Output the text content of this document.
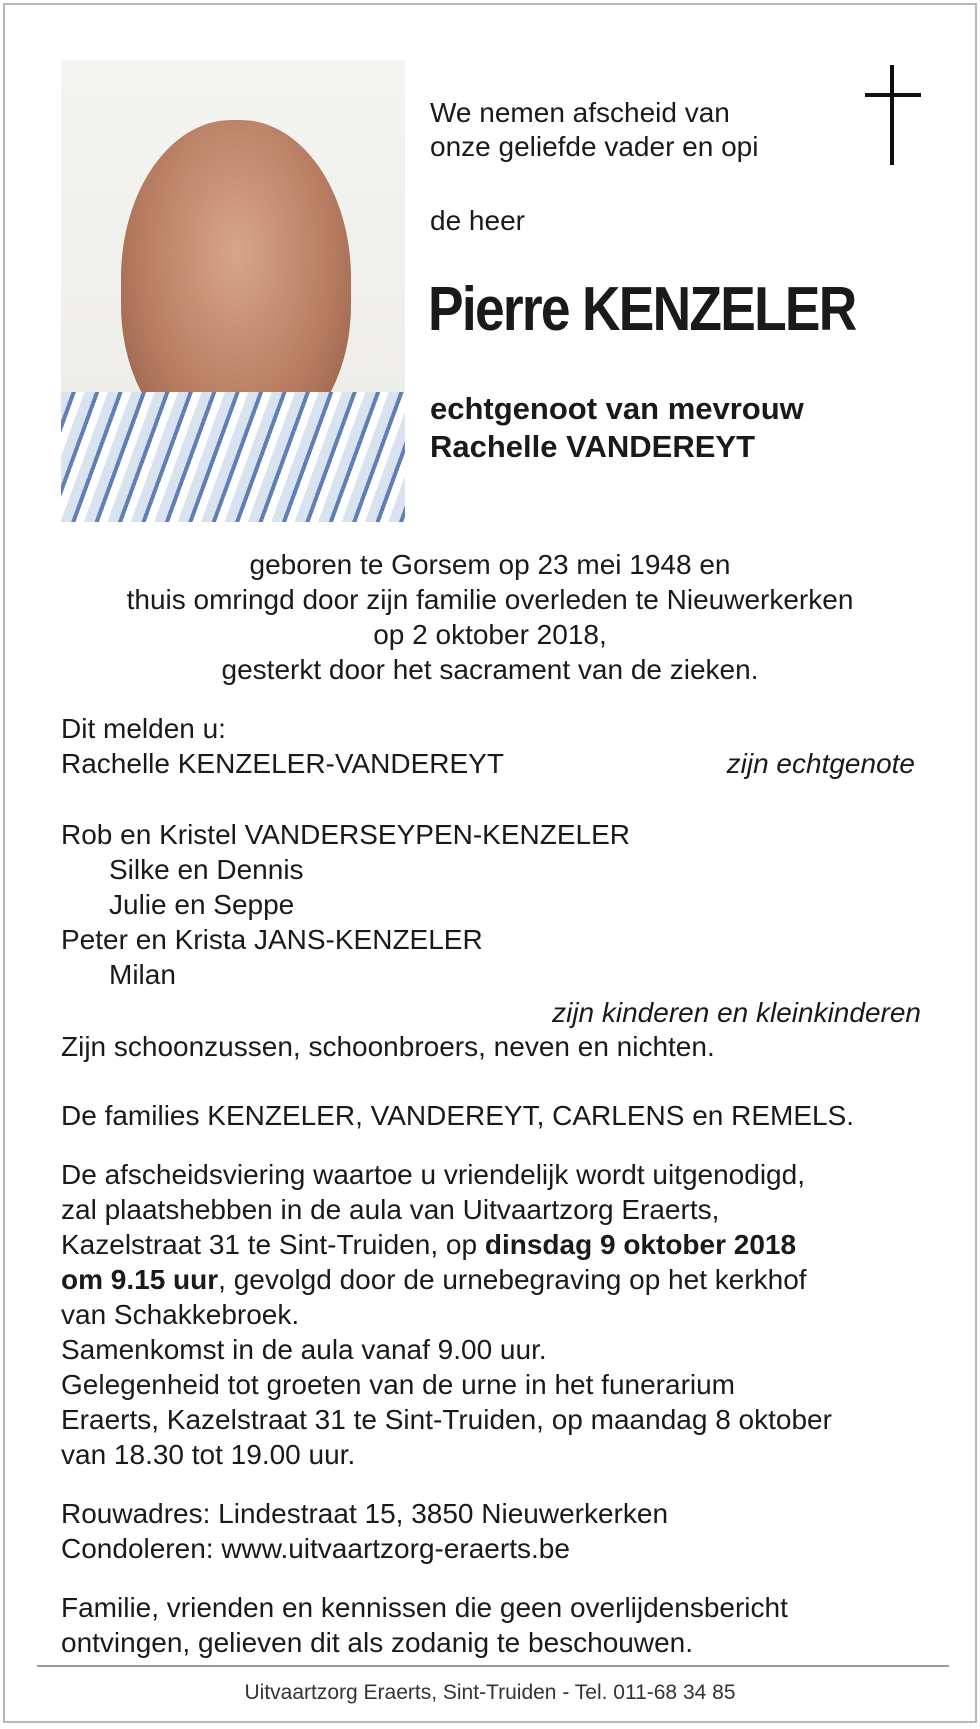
We nemen afscheid van
onze geliefde vader en opi
de heer
Pierre KENZELER
echtgenoot van mevrouw
Rachelle VANDEREYT
geboren te Gorsem op 23 mei 1948 en
thuis omringd door zijn familie overleden te Nieuwerkerken
op 2 oktober 2018,
gesterkt door het sacrament van de zieken.
Dit melden u:
Rachelle KENZELER-VANDEREYT	zijn echtgenote
Rob en Kristel VANDERSEYPEN-KENZELER
Silke en Dennis
Julie en Seppe
Peter en Krista JANS-KENZELER
Milan
zijn kinderen en kleinkinderen
Zijn schoonzussen, schoonbroers, neven en nichten.
De families KENZELER, VANDEREYT, CARLENS en REMELS.
De afscheidsviering waartoe u vriendelijk wordt uitgenodigd,
zal plaatshebben in de aula van Uitvaartzorg Eraerts,
Kazelstraat 31 te Sint-Truiden, op dinsdag 9 oktober 2018
om 9.15 uur, gevolgd door de urnebegraving op het kerkhof
van Schakkebroek.
Samenkomst in de aula vanaf 9.00 uur.
Gelegenheid tot groeten van de urne in het funerarium
Eraerts, Kazelstraat 31 te Sint-Truiden, op maandag 8 oktober
van 18.30 tot 19.00 uur.
Rouwadres: Lindestraat 15, 3850 Nieuwerkerken
Condoleren: www.uitvaartzorg-eraerts.be
Familie, vrienden en kennissen die geen overlijdensbericht
ontvingen, gelieven dit als zodanig te beschouwen.
Uitvaartzorg Eraerts, Sint-Truiden - Tel. 011-68 34 85
